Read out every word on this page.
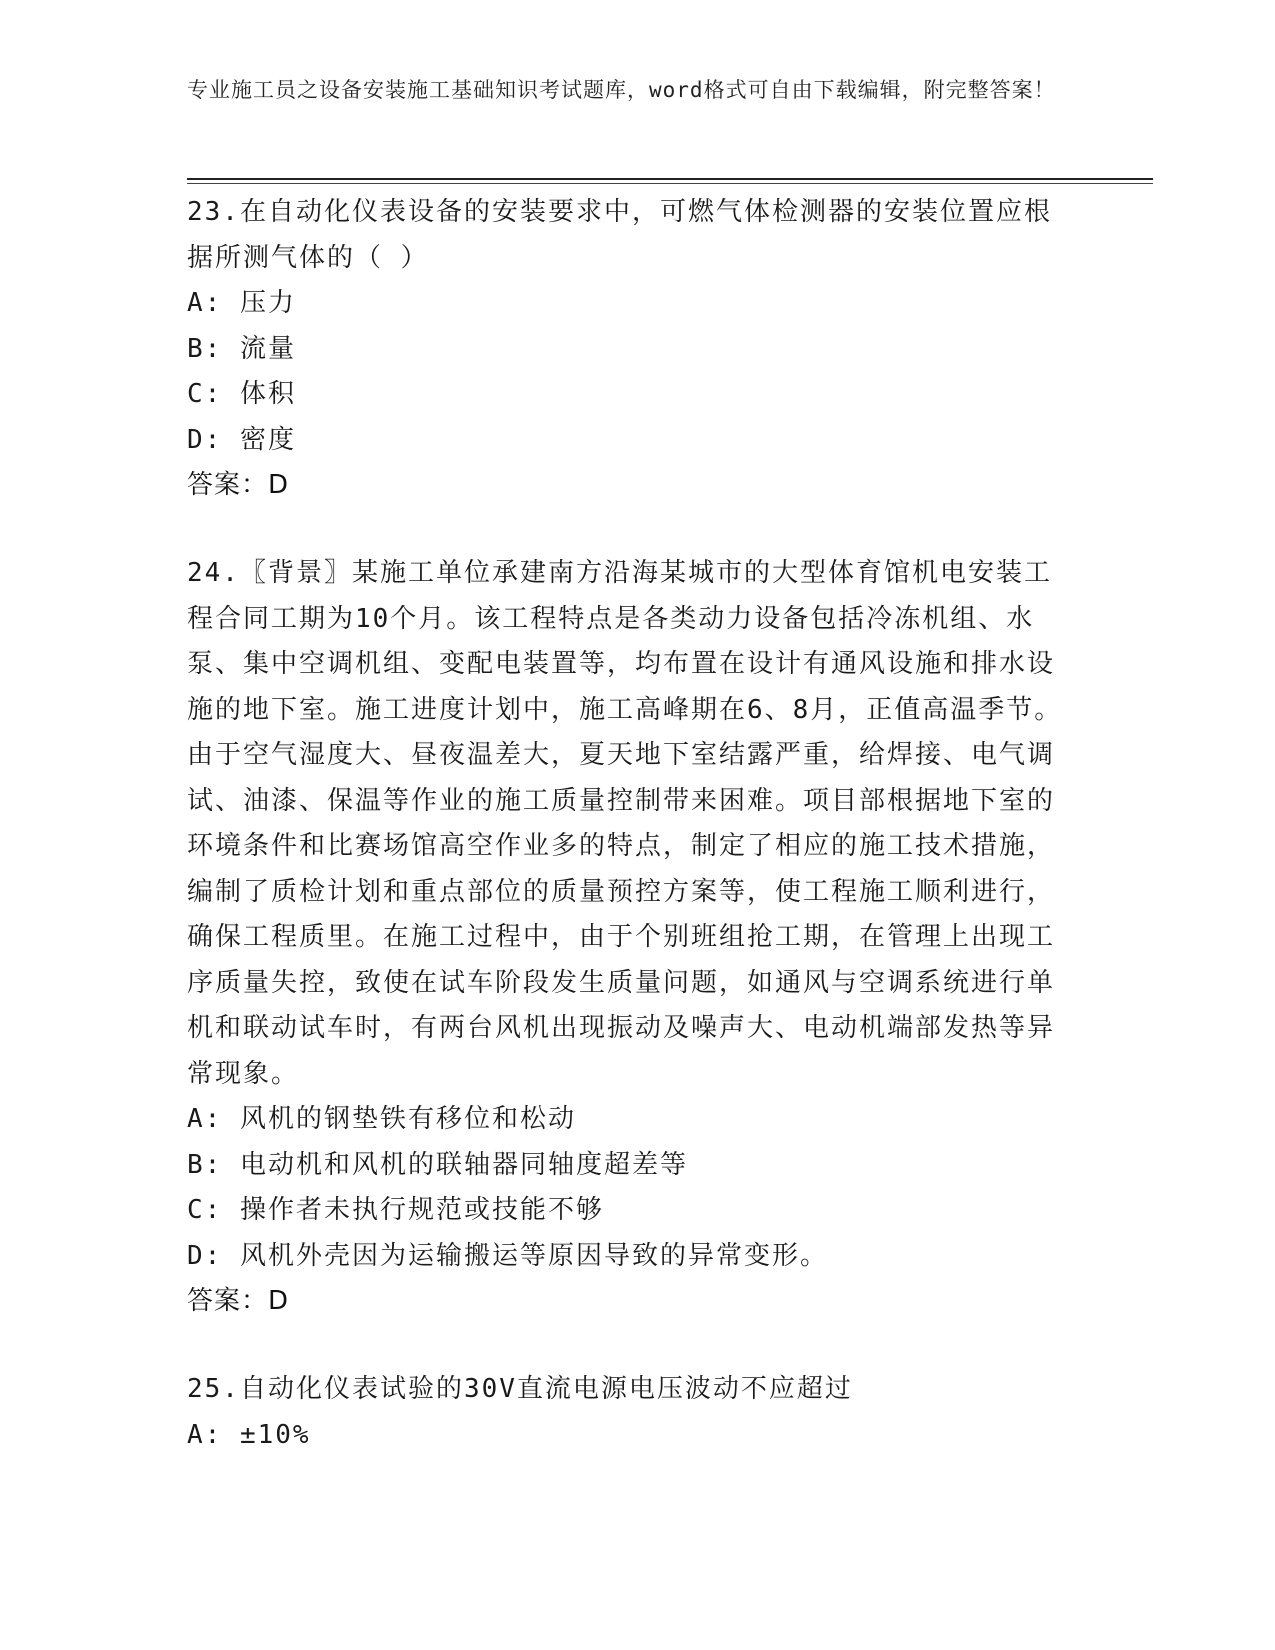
专业施工员之设备安装施工基础知识考试题库，word格式可自由下载编辑，附完整答案！

23.在自动化仪表设备的安装要求中，可燃气体检测器的安装位置应根据所测气体的（ ）

A: 压力
B: 流量
C: 体积
D: 密度
答案：D

24.〖背景〗某施工单位承建南方沿海某城市的大型体育馆机电安装工程合同工期为10个月。该工程特点是各类动力设备包括冷冻机组、水泵、集中空调机组、变配电装置等，均布置在设计有通风设施和排水设施的地下室。施工进度计划中，施工高峰期在6、8月，正值高温季节。由于空气湿度大、昼夜温差大，夏天地下室结露严重，给焊接、电气调试、油漆、保温等作业的施工质量控制带来困难。项目部根据地下室的环境条件和比赛场馆高空作业多的特点，制定了相应的施工技术措施，编制了质检计划和重点部位的质量预控方案等，使工程施工顺利进行，确保工程质里。在施工过程中，由于个别班组抢工期，在管理上出现工序质量失控，致使在试车阶段发生质量问题，如通风与空调系统进行单机和联动试车时，有两台风机出现振动及噪声大、电动机端部发热等异常现象。

A: 风机的钢垫铁有移位和松动
B: 电动机和风机的联轴器同轴度超差等
C: 操作者未执行规范或技能不够
D: 风机外壳因为运输搬运等原因导致的异常变形。
答案：D

25.自动化仪表试验的30V直流电源电压波动不应超过

A: ±10%
